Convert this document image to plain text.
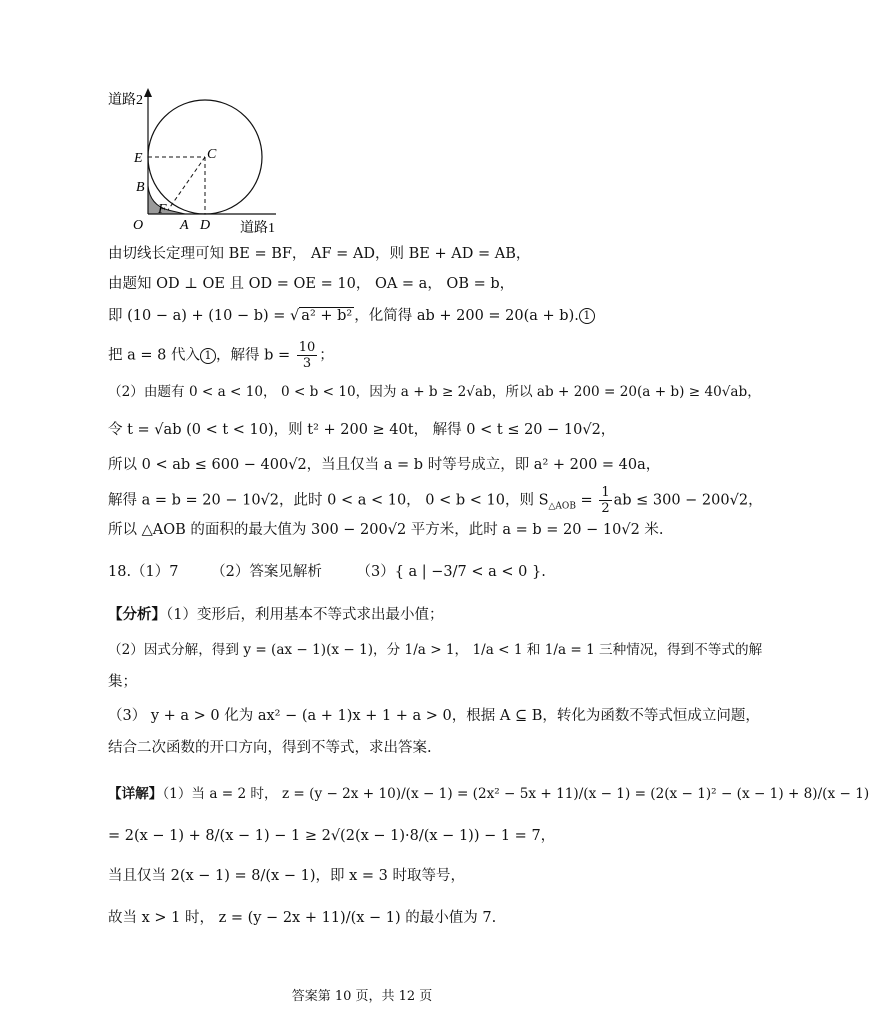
道路2
道路1
E	C
B
O
F
A D
由切线长定理可知 BE = BF， AF = AD，则 BE + AD = AB，
由题知 OD ⊥ OE 且 OD = OE = 10， OA = a， OB = b，
即 (10 − a) + (10 − b) = √ a² + b² ，化简得 ab + 200 = 20(a + b). 1
把 a = 8 代入 1 ，解得 $b = \frac{10}{3}$ ；
（2）由题有 0 < a < 10， 0 < b < 10，因为 a + b ≥ 2√ab，所以 ab + 200 = 20(a + b) ≥ 40√ab，
令 t = √ab (0 < t < 10)，则 t² + 200 ≥ 40t， 解得 0 < t ≤ 20 − 10√2，
所以 0 < ab ≤ 600 − 400√2，当且仅当 a = b 时等号成立，即 a² + 200 = 40a，
解得 a = b = 20 − 10√2，此时 0 < a < 10， 0 < b < 10，则 $S_{\triangle AOB} = \frac{1}{2}$ ab ≤ 300 − 200√2，
所以 △AOB 的面积的最大值为 300 − 200√2 平方米，此时 a = b = 20 − 10√2 米.
18.（1）7 （2）答案见解析 （3）{ a | −3/7 < a < 0 }.
【分析】（1）变形后，利用基本不等式求出最小值；
（2）因式分解，得到 y = (ax − 1)(x − 1)，分 1/a > 1， 1/a < 1 和 1/a = 1 三种情况，得到不等式的解
集；
（3） y + a > 0 化为 ax² − (a + 1)x + 1 + a > 0，根据 A ⊆ B，转化为函数不等式恒成立问题，
结合二次函数的开口方向，得到不等式，求出答案.
【详解】（1）当 a = 2 时， z = (y − 2x + 10)/(x − 1) = (2x² − 5x + 11)/(x − 1) = (2(x − 1)² − (x − 1) + 8)/(x − 1)
= 2(x − 1) + 8/(x − 1) − 1 ≥ 2√(2(x − 1)·8/(x − 1)) − 1 = 7，
当且仅当 2(x − 1) = 8/(x − 1)，即 x = 3 时取等号，
故当 x > 1 时， z = (y − 2x + 11)/(x − 1) 的最小值为 7.
答案第 10 页，共 12 页
